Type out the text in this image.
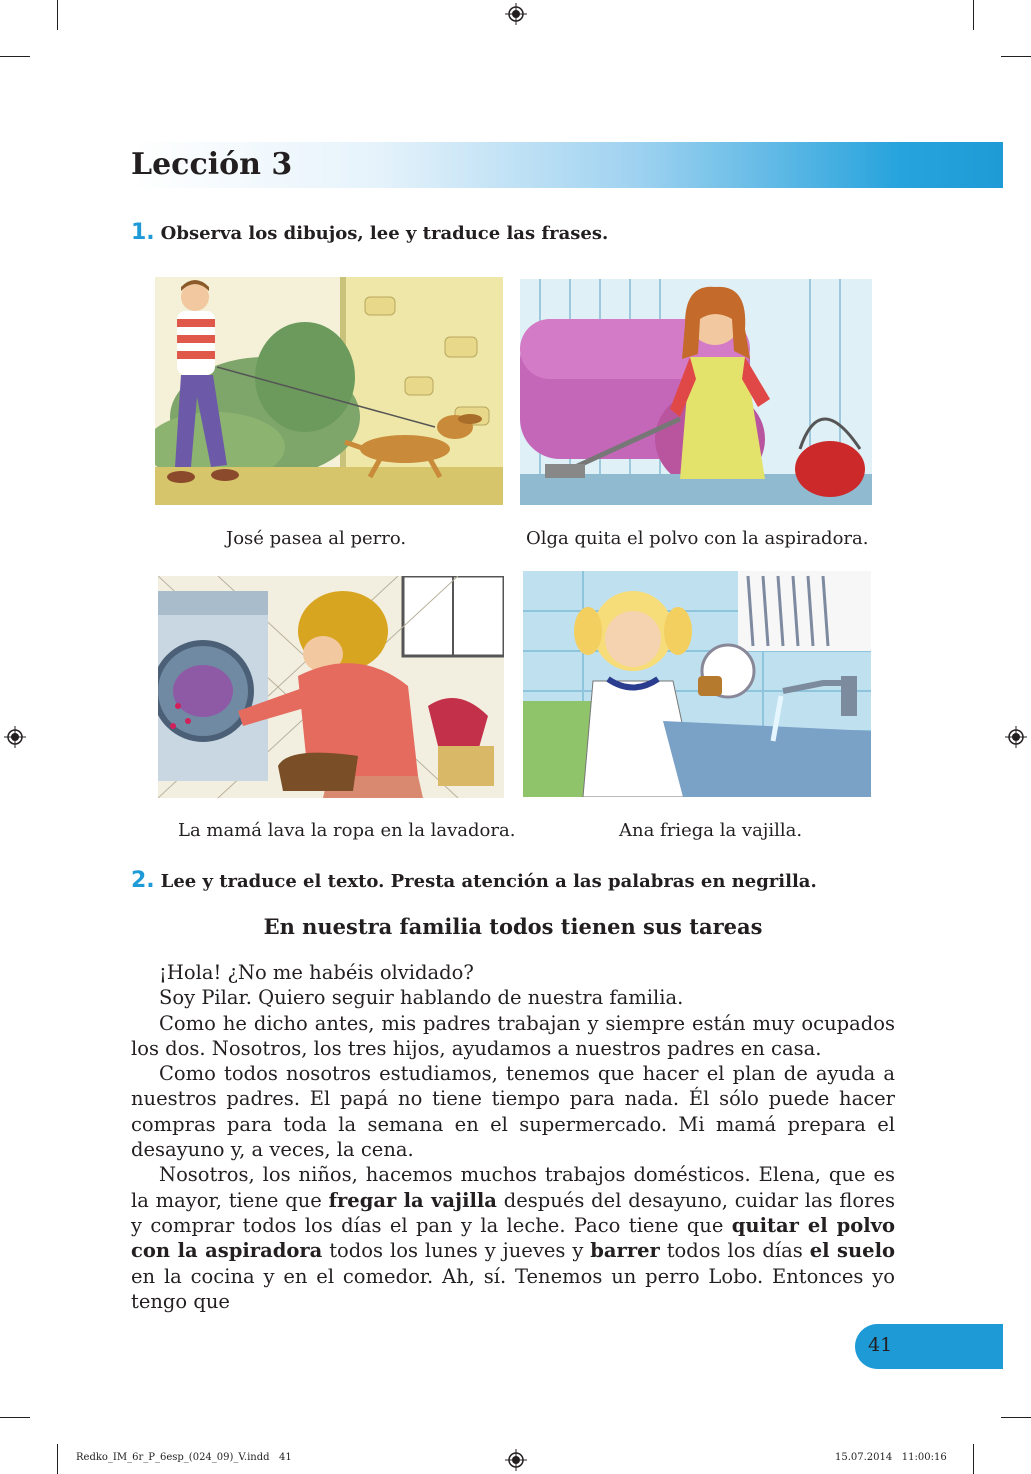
Lección 3
1. Observa los dibujos, lee y traduce las frases.
José pasea al perro.	Olga quita el polvo con la aspiradora.
La mamá lava la ropa en la lavadora.	Ana friega la vajilla.
2. Lee y traduce el texto. Presta atención a las palabras en negrilla.
En nuestra familia todos tienen sus tareas

¡Hola! ¿No me habéis olvidado?

Soy Pilar. Quiero seguir hablando de nuestra familia.

Como he dicho antes, mis padres trabajan y siempre están muy ocupados los dos. Nosotros, los tres hijos, ayudamos a nuestros padres en casa.

Como todos nosotros estudiamos, tenemos que hacer el plan de ayuda a nuestros padres. El papá no tiene tiempo para nada. Él sólo puede hacer compras para toda la semana en el supermercado. Mi mamá prepara el desayuno y, a veces, la cena.

Nosotros, los niños, hacemos muchos trabajos domésticos. Elena, que es la mayor, tiene que fregar la vajilla después del desayuno, cuidar las flores y comprar todos los días el pan y la leche. Paco tiene que quitar el polvo con la aspiradora todos los lunes y jueves y barrer todos los días el suelo en la cocina y en el comedor. Ah, sí. Tenemos un perro Lobo. Entonces yo tengo que

41
Redko_IM_6r_P_6esp_(024_09)_V.indd   41	15.07.2014   11:00:16
